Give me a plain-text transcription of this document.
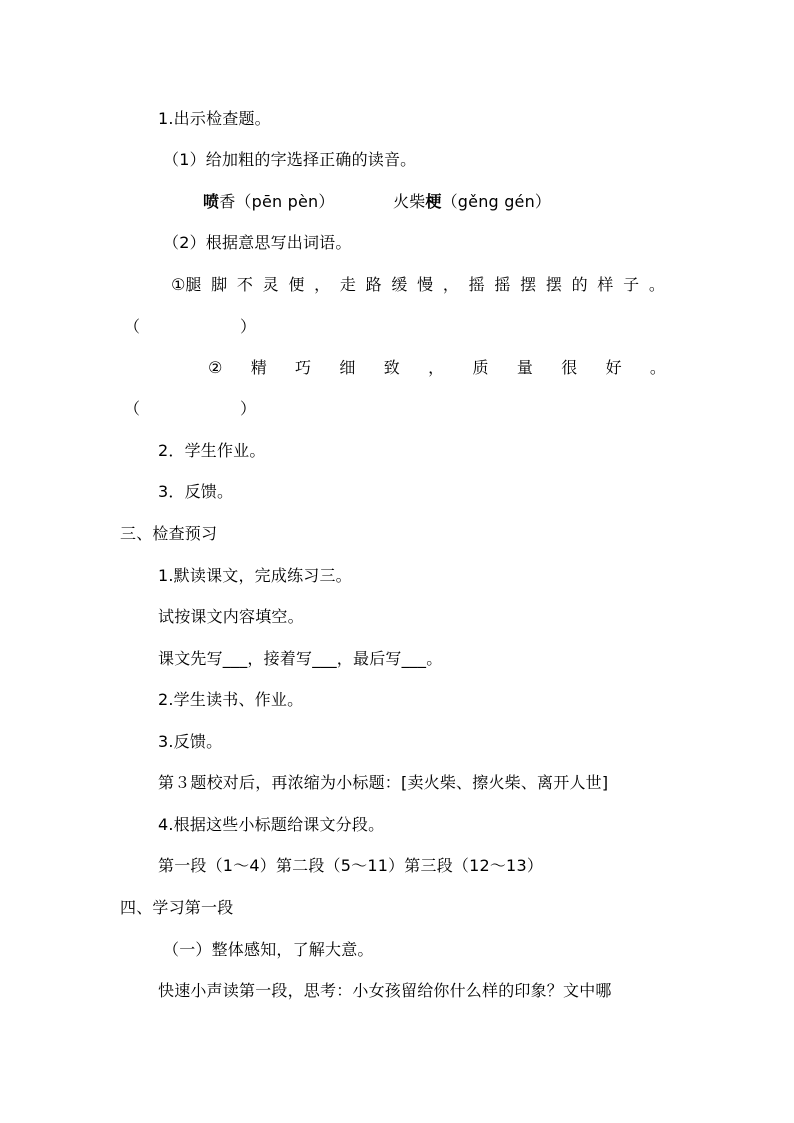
1.出示检查题。
（1）给加粗的字选择正确的读音。
喷香（pēn pèn）	火柴梗（gěng gén）
（2）根据意思写出词语。
①腿 脚 不 灵 便 ， 走 路 缓 慢 ， 摇 摇 摆 摆 的 样 子 。
（	）
② 精 巧 细 致 ， 质 量 很 好 。
（	）
2．学生作业。
3．反馈。
三、检查预习
1.默读课文，完成练习三。
试按课文内容填空。
课文先写___，接着写___，最后写___。
2.学生读书、作业。
3.反馈。
第３题校对后，再浓缩为小标题：[卖火柴、擦火柴、离开人世]
4.根据这些小标题给课文分段。
第一段（1～4）第二段（5～11）第三段（12～13）
四、学习第一段
（一）整体感知，了解大意。
快速小声读第一段，思考：小女孩留给你什么样的印象？文中哪
